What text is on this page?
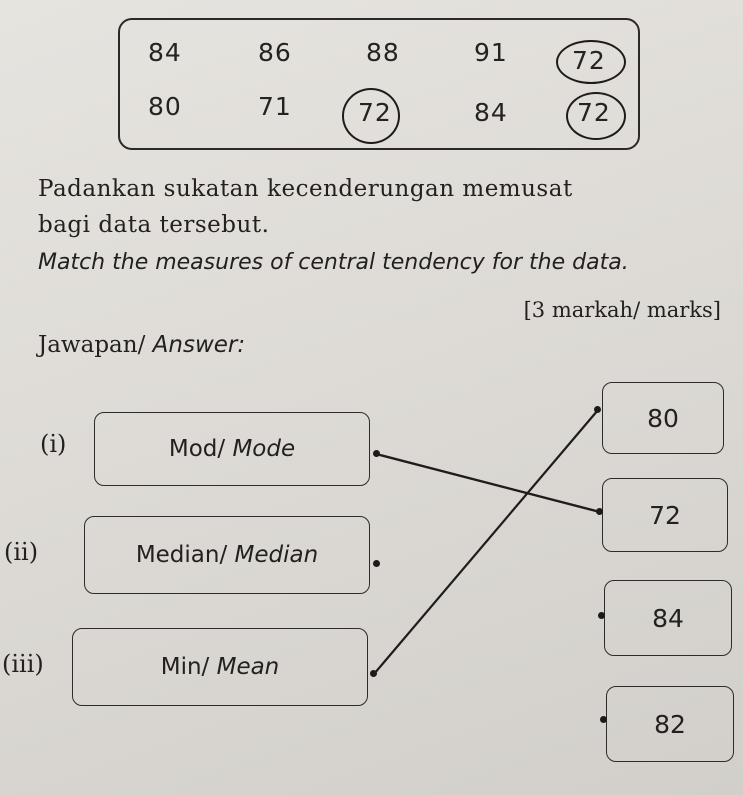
84	86	88	91	72
80	71	72	84	72
Padankan sukatan kecenderungan memusat
bagi data tersebut.
Match the measures of central tendency for the data.
[3 markah/ marks]
Jawapan/ Answer:
(i)	Mod/
Mode
(ii)	Median/
Median
(iii)	Min/
Mean
80
72
84
82
